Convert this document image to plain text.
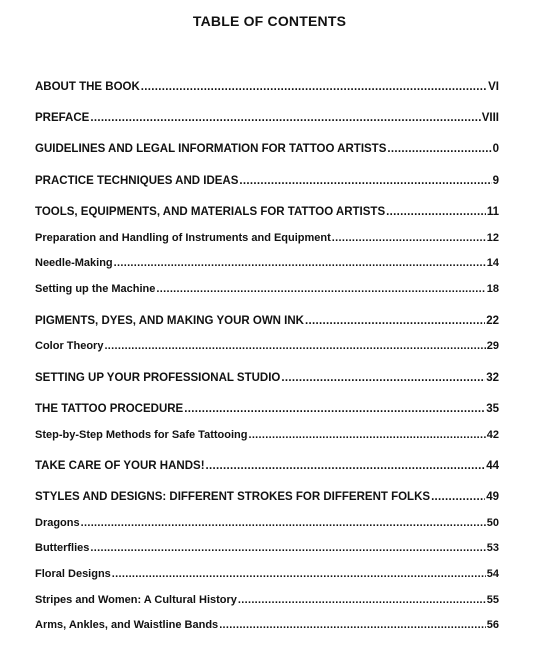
TABLE OF CONTENTS
ABOUT THE BOOK .....	VI
PREFACE .....	VIII
GUIDELINES AND LEGAL INFORMATION FOR TATTOO ARTISTS .....	0
PRACTICE TECHNIQUES AND IDEAS .....	9
TOOLS, EQUIPMENTS, AND MATERIALS FOR TATTOO ARTISTS .....	11
Preparation and Handling of Instruments and Equipment .....	12
Needle-Making .....	14
Setting up the Machine .....	18
PIGMENTS, DYES, AND MAKING YOUR OWN INK .....	22
Color Theory .....	29
SETTING UP YOUR PROFESSIONAL STUDIO .....	32
THE TATTOO PROCEDURE .....	35
Step-by-Step Methods for Safe Tattooing .....	42
TAKE CARE OF YOUR HANDS! .....	44
STYLES AND DESIGNS: DIFFERENT STROKES FOR DIFFERENT FOLKS .....	49
Dragons .....	50
Butterflies .....	53
Floral Designs .....	54
Stripes and Women: A Cultural History .....	55
Arms, Ankles, and Waistline Bands .....	56
